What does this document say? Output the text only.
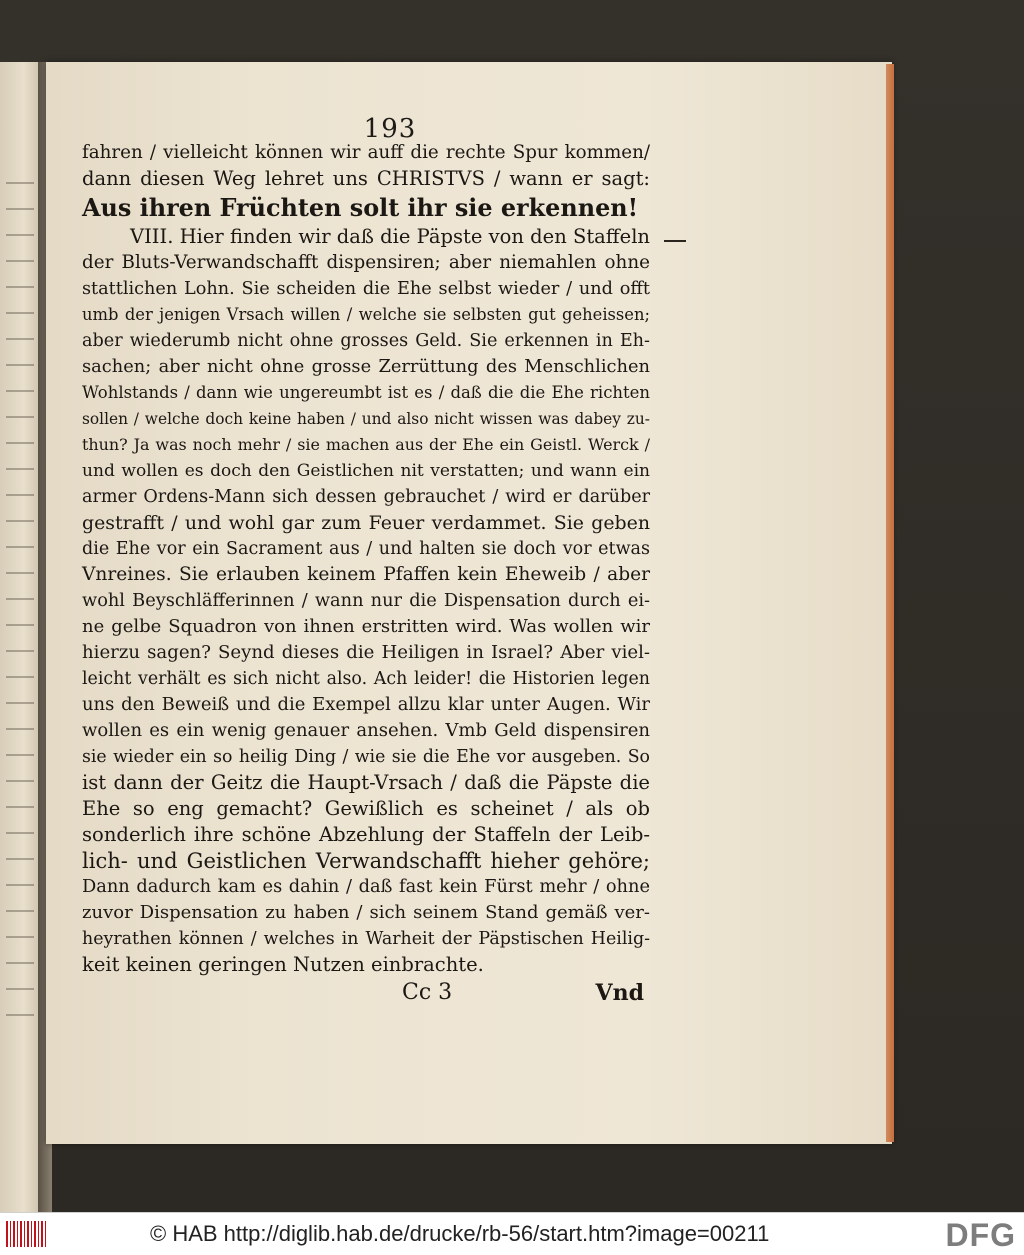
193
fahren / vielleicht können wir auff die rechte Spur kommen/
dann diesen Weg lehret uns CHRISTVS / wann er sagt:
Aus ihren Früchten solt ihr sie erkennen!
VIII. Hier finden wir daß die Päpste von den Staffeln
der Bluts-Verwandschafft dispensiren; aber niemahlen ohne
stattlichen Lohn. Sie scheiden die Ehe selbst wieder / und offt
umb der jenigen Vrsach willen / welche sie selbsten gut geheissen;
aber wiederumb nicht ohne grosses Geld. Sie erkennen in Eh-
sachen; aber nicht ohne grosse Zerrüttung des Menschlichen
Wohlstands / dann wie ungereumbt ist es / daß die die Ehe richten
sollen / welche doch keine haben / und also nicht wissen was dabey zu-
thun? Ja was noch mehr / sie machen aus der Ehe ein Geistl. Werck /
und wollen es doch den Geistlichen nit verstatten; und wann ein
armer Ordens-Mann sich dessen gebrauchet / wird er darüber
gestrafft / und wohl gar zum Feuer verdammet. Sie geben
die Ehe vor ein Sacrament aus / und halten sie doch vor etwas
Vnreines. Sie erlauben keinem Pfaffen kein Eheweib / aber
wohl Beyschläfferinnen / wann nur die Dispensation durch ei-
ne gelbe Squadron von ihnen erstritten wird. Was wollen wir
hierzu sagen? Seynd dieses die Heiligen in Israel? Aber viel-
leicht verhält es sich nicht also. Ach leider! die Historien legen
uns den Beweiß und die Exempel allzu klar unter Augen. Wir
wollen es ein wenig genauer ansehen. Vmb Geld dispensiren
sie wieder ein so heilig Ding / wie sie die Ehe vor ausgeben. So
ist dann der Geitz die Haupt-Vrsach / daß die Päpste die
Ehe so eng gemacht? Gewißlich es scheinet / als ob
sonderlich ihre schöne Abzehlung der Staffeln der Leib-
lich- und Geistlichen Verwandschafft hieher gehöre;
Dann dadurch kam es dahin / daß fast kein Fürst mehr / ohne
zuvor Dispensation zu haben / sich seinem Stand gemäß ver-
heyrathen können / welches in Warheit der Päpstischen Heilig-
keit keinen geringen Nutzen einbrachte.
Cc 3	Vnd
© HAB http://diglib.hab.de/drucke/rb-56/start.htm?image=00211	DFG
